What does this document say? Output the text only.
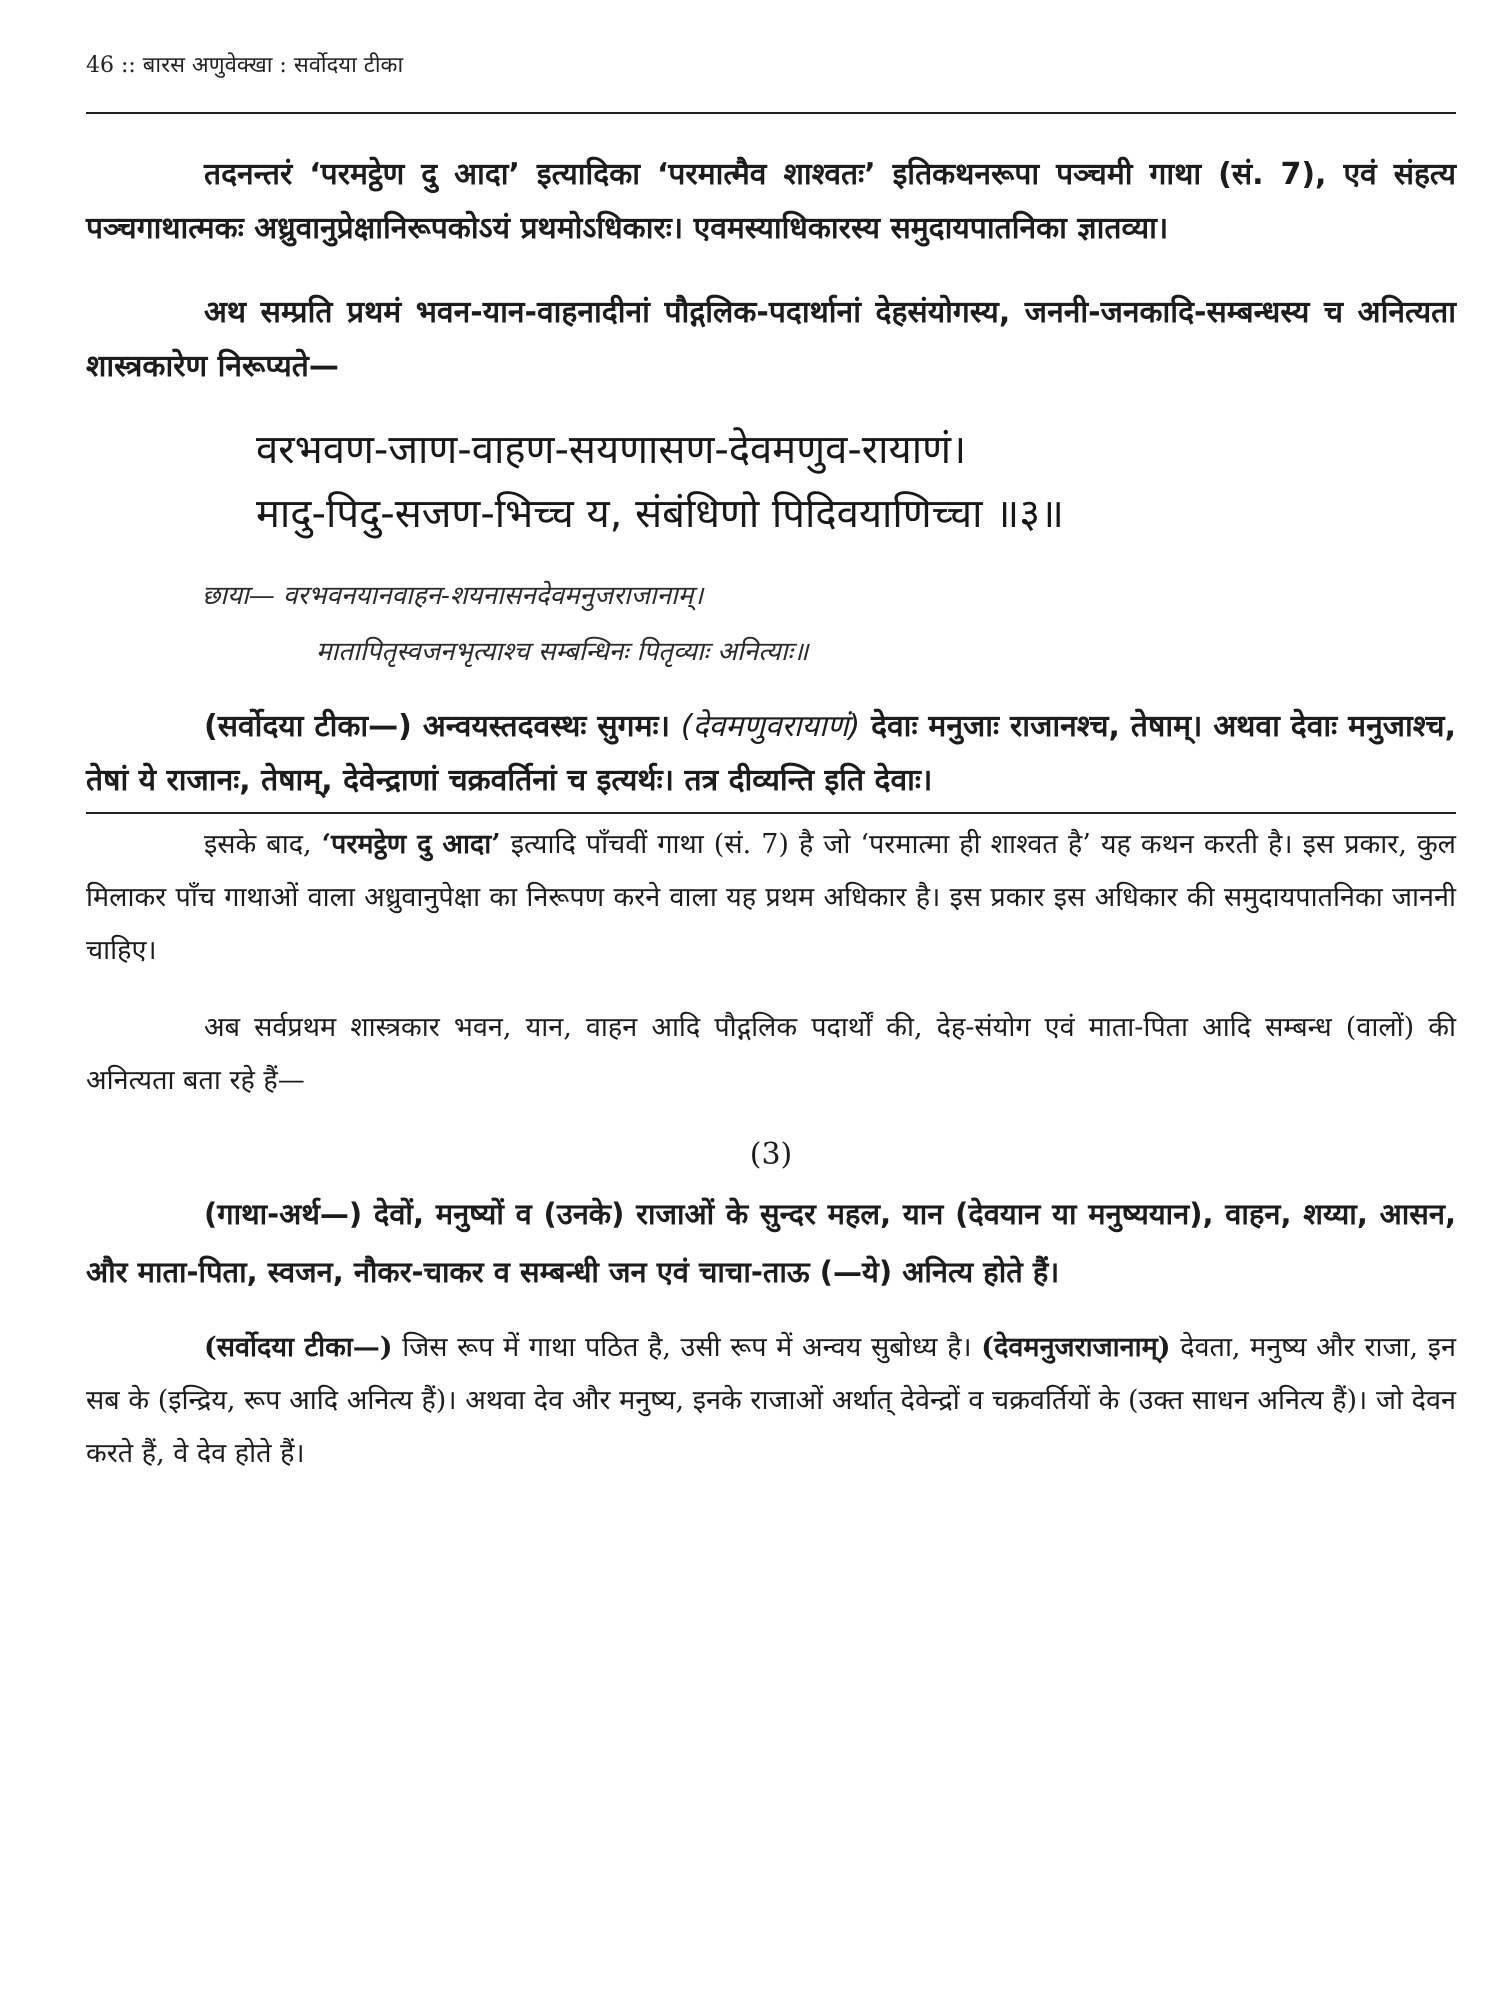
46 :: बारस अणुवेक्खा : सर्वोदया टीका

तदनन्तरं ‘परमट्ठेण दु आदा’ इत्यादिका ‘परमात्मैव शाश्वतः’ इतिकथनरूपा पञ्चमी गाथा (सं. 7), एवं संहत्य पञ्चगाथात्मकः अध्रुवानुप्रेक्षानिरूपकोऽयं प्रथमोऽधिकारः। एवमस्याधिकारस्य समुदायपातनिका ज्ञातव्या।

अथ सम्प्रति प्रथमं भवन-यान-वाहनादीनां पौद्गलिक-पदार्थानां देहसंयोगस्य, जननी-जनकादि-सम्बन्धस्य च अनित्यता शास्त्रकारेण निरूप्यते—

वरभवण-जाण-वाहण-सयणासण-देवमणुव-रायाणं।
मादु-पिदु-सजण-भिच्च य, संबंधिणो पिदिवयाणिच्चा ॥३॥
छाया— वरभवनयानवाहन-शयनासनदेवमनुजराजानाम्।
मातापितृस्वजनभृत्याश्च सम्बन्धिनः पितृव्याः अनित्याः॥

(सर्वोदया टीका—) अन्वयस्तदवस्थः सुगमः। (देवमणुवरायाणं) देवाः मनुजाः राजानश्च, तेषाम्। अथवा देवाः मनुजाश्च, तेषां ये राजानः, तेषाम्, देवेन्द्राणां चक्रवर्तिनां च इत्यर्थः। तत्र दीव्यन्ति इति देवाः।

इसके बाद, ‘परमट्ठेण दु आदा’ इत्यादि पाँचवीं गाथा (सं. 7) है जो ‘परमात्मा ही शाश्वत है’ यह कथन करती है। इस प्रकार, कुल मिलाकर पाँच गाथाओं वाला अध्रुवानुपेक्षा का निरूपण करने वाला यह प्रथम अधिकार है। इस प्रकार इस अधिकार की समुदायपातनिका जाननी चाहिए।

अब सर्वप्रथम शास्त्रकार भवन, यान, वाहन आदि पौद्गलिक पदार्थों की, देह-संयोग एवं माता-पिता आदि सम्बन्ध (वालों) की अनित्यता बता रहे हैं—

(3)

(गाथा-अर्थ—) देवों, मनुष्यों व (उनके) राजाओं के सुन्दर महल, यान (देवयान या मनुष्ययान), वाहन, शय्या, आसन, और माता-पिता, स्वजन, नौकर-चाकर व सम्बन्धी जन एवं चाचा-ताऊ (—ये) अनित्य होते हैं।

(सर्वोदया टीका—) जिस रूप में गाथा पठित है, उसी रूप में अन्वय सुबोध्य है। (देवमनुजराजानाम्) देवता, मनुष्य और राजा, इन सब के (इन्द्रिय, रूप आदि अनित्य हैं)। अथवा देव और मनुष्य, इनके राजाओं अर्थात् देवेन्द्रों व चक्रवर्तियों के (उक्त साधन अनित्य हैं)। जो देवन करते हैं, वे देव होते हैं।
